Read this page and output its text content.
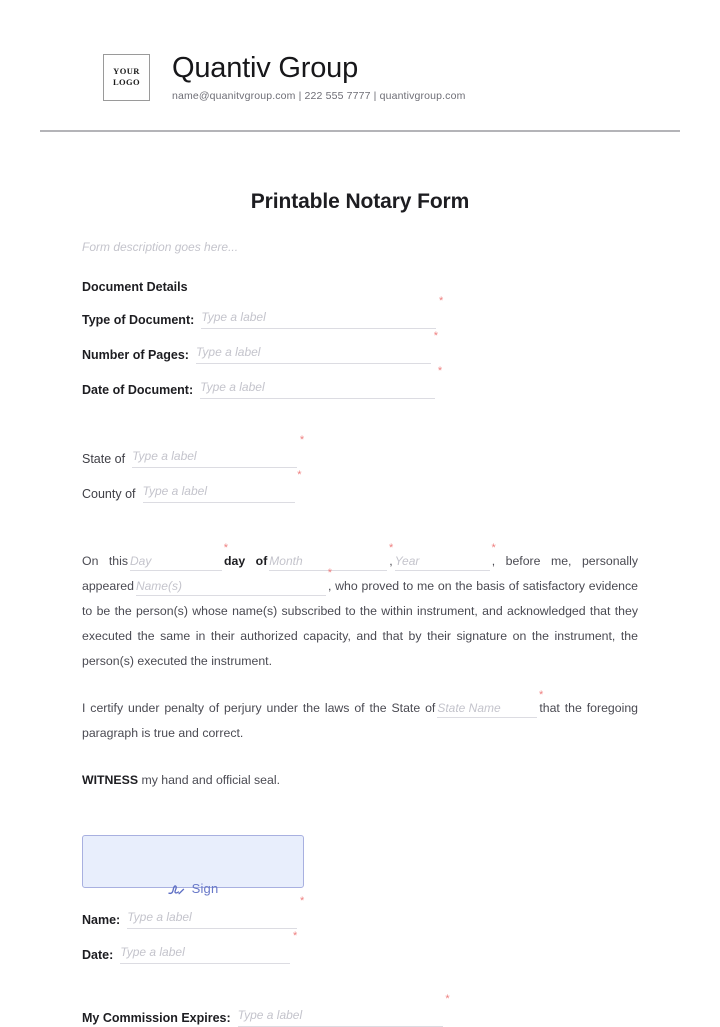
YOUR
LOGO Quantiv Group
name@quanitvgroup.com | 222 555 7777 | quantivgroup.com
Printable Notary Form
Form description goes here...
Document Details
Type of Document: Type a label
*
Number of Pages: Type a label
*
Date of Document: Type a label
*
State of Type a label
*
County of Type a label
*
On this Day
*
day of Month
*
, Year
*
, before me, personally appeared Name(s)
*
, who proved to me on the basis of satisfactory evidence to be the person(s) whose name(s) subscribed to the within instrument, and acknowledged that they executed the same in their authorized capacity, and that by their signature on the instrument, the person(s) executed the instrument.
I certify under penalty of perjury under the laws of the State of State Name
*
that the foregoing paragraph is true and correct.
WITNESS my hand and official seal.
Sign
Name: Type a label
*
Date: Type a label
*
My Commission Expires: Type a label
*
